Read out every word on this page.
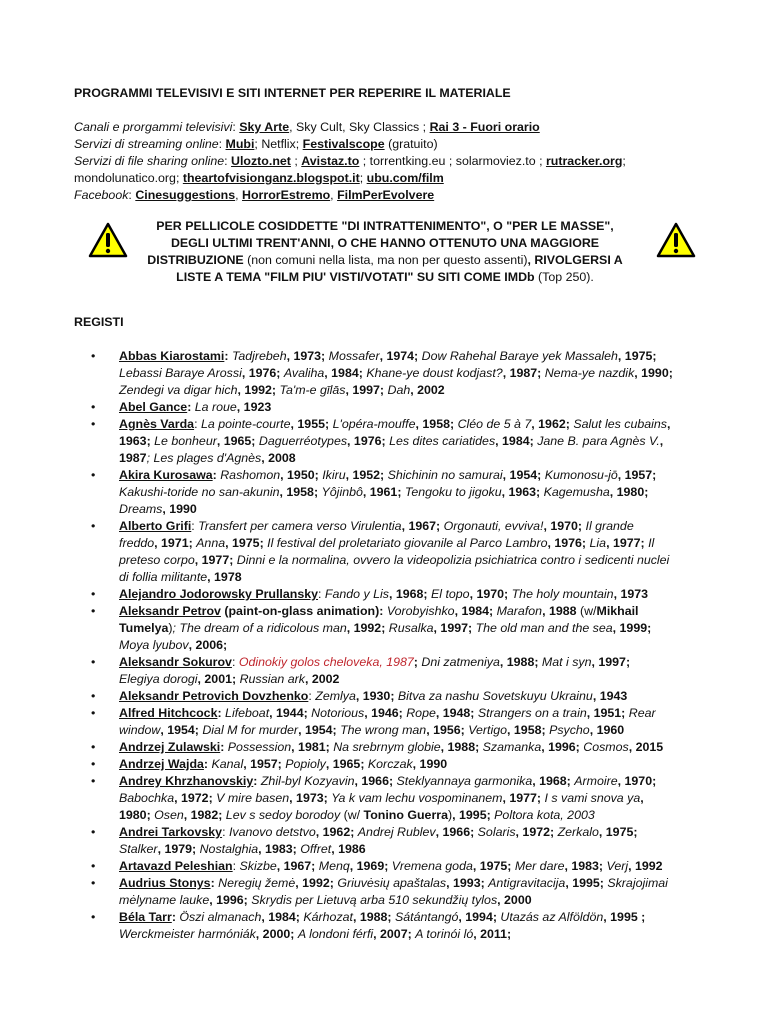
PROGRAMMI TELEVISIVI E SITI INTERNET PER REPERIRE IL MATERIALE
Canali e prorgammi televisivi: Sky Arte, Sky Cult, Sky Classics ; Rai 3 - Fuori orario
Servizi di streaming online: Mubi; Netflix; Festivalscope (gratuito)
Servizi di file sharing online: Ulozto.net ; Avistaz.to ; torrentking.eu ; solarmoviez.to ; rutracker.org; mondolunatico.org; theartofvisionganz.blogspot.it; ubu.com/film
Facebook: Cinesuggestions, HorrorEstremo, FilmPerEvolvere
PER PELLICOLE COSIDDETTE "DI INTRATTENIMENTO", O "PER LE MASSE", DEGLI ULTIMI TRENT'ANNI, O CHE HANNO OTTENUTO UNA MAGGIORE DISTRIBUZIONE (non comuni nella lista, ma non per questo assenti), RIVOLGERSI A LISTE A TEMA "FILM PIU' VISTI/VOTATI" SU SITI COME IMDb (Top 250).
REGISTI
• Abbas Kiarostami: Tadjrebeh, 1973; Mossafer, 1974; Dow Rahehal Baraye yek Massaleh, 1975; Lebassi Baraye Arossi, 1976; Avaliha, 1984; Khane-ye doust kodjast?, 1987; Nema-ye nazdik, 1990; Zendegi va digar hich, 1992; Ta'm-e gīlās, 1997; Dah, 2002
• Abel Gance: La roue, 1923
• Agnès Varda: La pointe-courte, 1955; L'opéra-mouffe, 1958; Cléo de 5 à 7, 1962; Salut les cubains, 1963; Le bonheur, 1965; Daguerréotypes, 1976; Les dites cariatides, 1984; Jane B. para Agnès V., 1987; Les plages d'Agnès, 2008
• Akira Kurosawa: Rashomon, 1950; Ikiru, 1952; Shichinin no samurai, 1954; Kumonosu-jō, 1957; Kakushi-toride no san-akunin, 1958; Yôjinbô, 1961; Tengoku to jigoku, 1963; Kagemusha, 1980; Dreams, 1990
• Alberto Grifi: Transfert per camera verso Virulentia, 1967; Orgonauti, evviva!, 1970; Il grande freddo, 1971; Anna, 1975; Il festival del proletariato giovanile al Parco Lambro, 1976; Lia, 1977; Il preteso corpo, 1977; Dinni e la normalina, ovvero la videopolizia psichiatrica contro i sedicenti nuclei di follia militante, 1978
• Alejandro Jodorowsky Prullansky: Fando y Lis, 1968; El topo, 1970; The holy mountain, 1973
• Aleksandr Petrov (paint-on-glass animation): Vorobyishko, 1984; Marafon, 1988 (w/Mikhail Tumelya); The dream of a ridicolous man, 1992; Rusalka, 1997; The old man and the sea, 1999; Moya lyubov, 2006;
• Aleksandr Sokurov: Odinokiy golos cheloveka, 1987; Dni zatmeniya, 1988; Mat i syn, 1997; Elegiya dorogi, 2001; Russian ark, 2002
• Aleksandr Petrovich Dovzhenko: Zemlya, 1930; Bitva za nashu Sovetskuyu Ukrainu, 1943
• Alfred Hitchcock: Lifeboat, 1944; Notorious, 1946; Rope, 1948; Strangers on a train, 1951; Rear window, 1954; Dial M for murder, 1954; The wrong man, 1956; Vertigo, 1958; Psycho, 1960
• Andrzej Zulawski: Possession, 1981; Na srebrnym globie, 1988; Szamanka, 1996; Cosmos, 2015
• Andrzej Wajda: Kanal, 1957; Popioly, 1965; Korczak, 1990
• Andrey Khrzhanovskiy: Zhil-byl Kozyavin, 1966; Steklyannaya garmonika, 1968; Armoire, 1970; Babochka, 1972; V mire basen, 1973; Ya k vam lechu vospominanem, 1977; I s vami snova ya, 1980; Osen, 1982; Lev s sedoy borodoy (w/ Tonino Guerra), 1995; Poltora kota, 2003
• Andrei Tarkovsky: Ivanovo detstvo, 1962; Andrej Rublev, 1966; Solaris, 1972; Zerkalo, 1975; Stalker, 1979; Nostalghia, 1983; Offret, 1986
• Artavazd Peleshian: Skizbe, 1967; Menq, 1969; Vremena goda, 1975; Mer dare, 1983; Verj, 1992
• Audrius Stonys: Neregių žemė, 1992; Griuvėsių apaštalas, 1993; Antigravitacija, 1995; Skrajojimai mėlyname lauke, 1996; Skrydis per Lietuvą arba 510 sekundžių tylos, 2000
• Béla Tarr: Öszi almanach, 1984; Kárhozat, 1988; Sátántangó, 1994; Utazás az Alföldön, 1995 ; Werckmeister harmóniák, 2000; A londoni férfi, 2007; A torinói ló, 2011;
